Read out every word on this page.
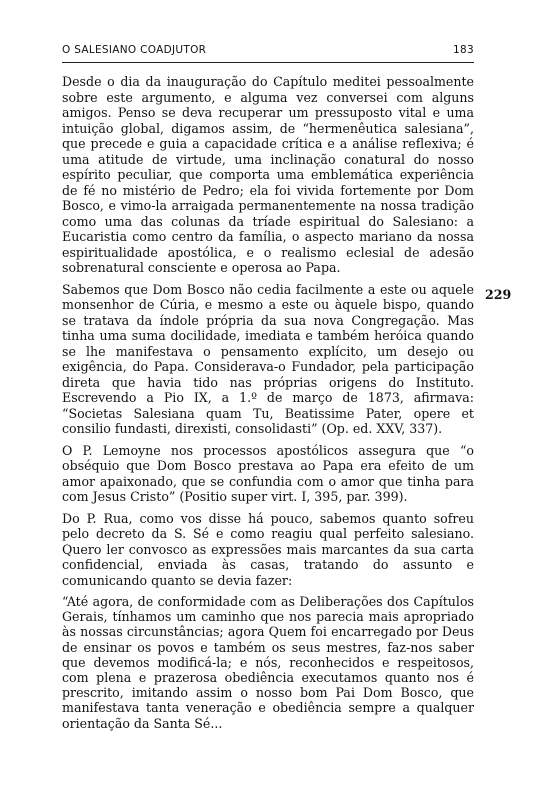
O SALESIANO COADJUTOR	183
229

Desde o dia da inauguração do Capítulo meditei pessoalmente sobre este argumento, e alguma vez conversei com alguns amigos. Penso se deva recuperar um pressuposto vital e uma intuição global, digamos assim, de “hermenêutica salesiana”, que precede e guia a capacidade crítica e a análise reflexiva; é uma atitude de virtude, uma inclinação conatural do nosso espírito peculiar, que comporta uma emblemática experiência de fé no mistério de Pedro; ela foi vivida fortemente por Dom Bosco, e vimo-la arraigada permanentemente na nossa tradição como uma das colunas da tríade espiritual do Salesiano: a Eucaristia como centro da família, o aspecto mariano da nossa espiritualidade apostólica, e o realismo eclesial de adesão sobrenatural consciente e operosa ao Papa.

Sabemos que Dom Bosco não cedia facilmente a este ou aquele monsenhor de Cúria, e mesmo a este ou àquele bispo, quando se tratava da índole própria da sua nova Congregação. Mas tinha uma suma docilidade, imediata e também heróica quando se lhe manifestava o pensamento explícito, um desejo ou exigência, do Papa. Considerava-o Fundador, pela participação direta que havia tido nas próprias origens do Instituto. Escrevendo a Pio IX, a 1.º de março de 1873, afirmava: “Societas Salesiana quam Tu, Beatissime Pater, opere et consilio fundasti, direxisti, consolidasti” (Op. ed. XXV, 337).

O P. Lemoyne nos processos apostólicos assegura que “o obséquio que Dom Bosco prestava ao Papa era efeito de um amor apaixonado, que se confundia com o amor que tinha para com Jesus Cristo” (Positio super virt. I, 395, par. 399).

Do P. Rua, como vos disse há pouco, sabemos quanto sofreu pelo decreto da S. Sé e como reagiu qual perfeito salesiano. Quero ler convosco as expressões mais marcantes da sua carta confidencial, enviada às casas, tratando do assunto e comunicando quanto se devia fazer:

“Até agora, de conformidade com as Deliberações dos Capítulos Gerais, tínhamos um caminho que nos parecia mais apropriado às nossas circunstâncias; agora Quem foi encarregado por Deus de ensinar os povos e também os seus mestres, faz-nos saber que devemos modificá-la; e nós, reconhecidos e respeitosos, com plena e prazerosa obediência executamos quanto nos é prescrito, imitando assim o nosso bom Pai Dom Bosco, que manifestava tanta veneração e obediência sempre a qualquer orientação da Santa Sé...
